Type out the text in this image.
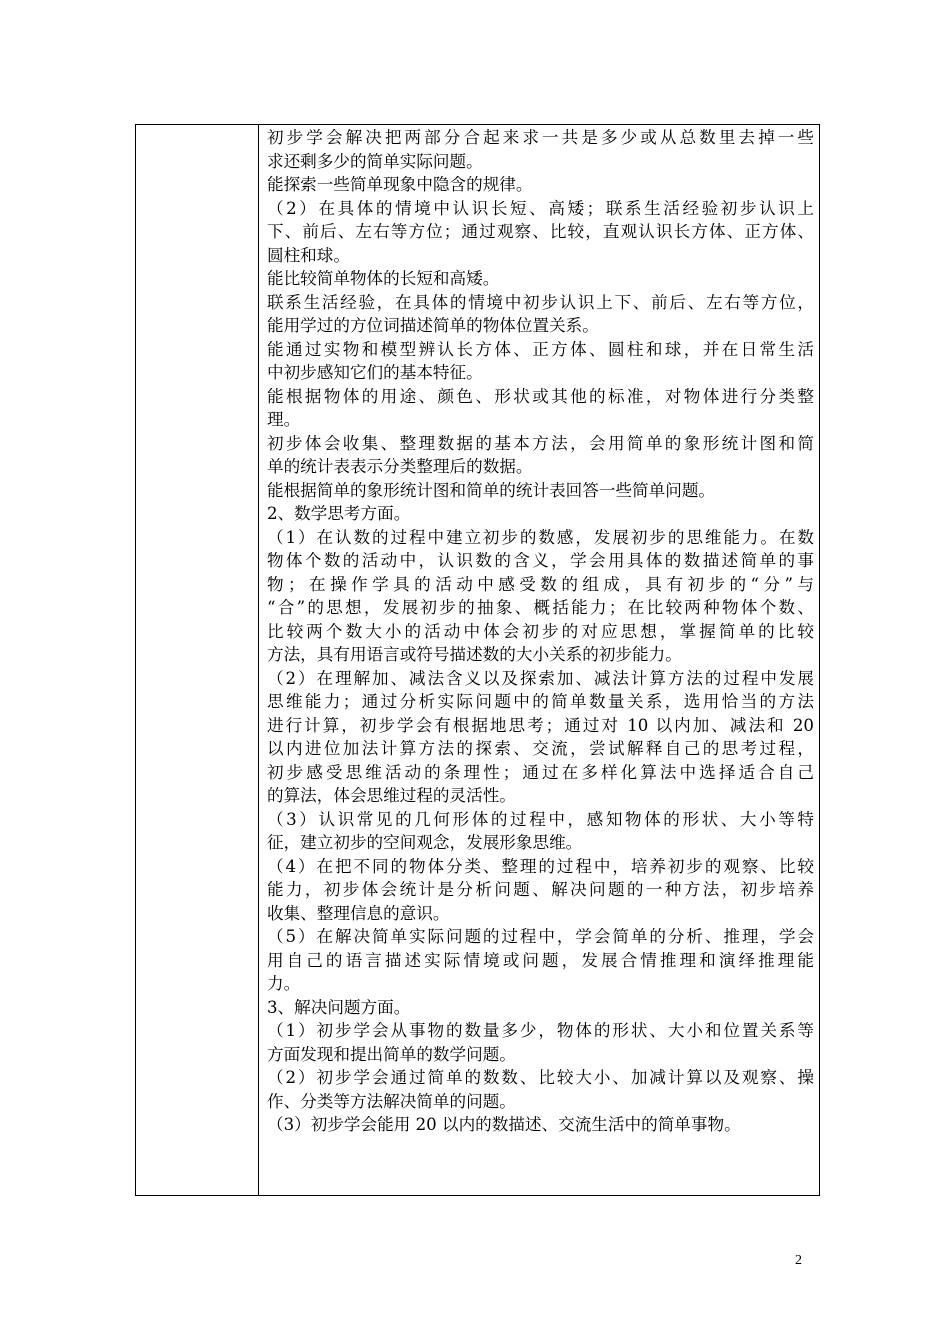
初步学会解决把两部分合起来求一共是多少或从总数里去掉一些
求还剩多少的简单实际问题。
能探索一些简单现象中隐含的规律。
（2）在具体的情境中认识长短、高矮；联系生活经验初步认识上
下、前后、左右等方位；通过观察、比较，直观认识长方体、正方体、
圆柱和球。
能比较简单物体的长短和高矮。
联系生活经验，在具体的情境中初步认识上下、前后、左右等方位，
能用学过的方位词描述简单的物体位置关系。
能通过实物和模型辨认长方体、正方体、圆柱和球，并在日常生活
中初步感知它们的基本特征。
能根据物体的用途、颜色、形状或其他的标准，对物体进行分类整
理。
初步体会收集、整理数据的基本方法，会用简单的象形统计图和简
单的统计表表示分类整理后的数据。
能根据简单的象形统计图和简单的统计表回答一些简单问题。
2、数学思考方面。
（1）在认数的过程中建立初步的数感，发展初步的思维能力。在数
物体个数的活动中，认识数的含义，学会用具体的数描述简单的事
物；在操作学具的活动中感受数的组成，具有初步的“分”与
“合”的思想，发展初步的抽象、概括能力；在比较两种物体个数、
比较两个数大小的活动中体会初步的对应思想，掌握简单的比较
方法，具有用语言或符号描述数的大小关系的初步能力。
（2）在理解加、减法含义以及探索加、减法计算方法的过程中发展
思维能力；通过分析实际问题中的简单数量关系，选用恰当的方法
进行计算，初步学会有根据地思考；通过对 10 以内加、减法和 20
以内进位加法计算方法的探索、交流，尝试解释自己的思考过程，
初步感受思维活动的条理性；通过在多样化算法中选择适合自己
的算法，体会思维过程的灵活性。
（3）认识常见的几何形体的过程中，感知物体的形状、大小等特
征，建立初步的空间观念，发展形象思维。
（4）在把不同的物体分类、整理的过程中，培养初步的观察、比较
能力，初步体会统计是分析问题、解决问题的一种方法，初步培养
收集、整理信息的意识。
（5）在解决简单实际问题的过程中，学会简单的分析、推理，学会
用自己的语言描述实际情境或问题，发展合情推理和演绎推理能
力。
3、解决问题方面。
（1）初步学会从事物的数量多少，物体的形状、大小和位置关系等
方面发现和提出简单的数学问题。
（2）初步学会通过简单的数数、比较大小、加减计算以及观察、操
作、分类等方法解决简单的问题。
（3）初步学会能用 20 以内的数描述、交流生活中的简单事物。
2
